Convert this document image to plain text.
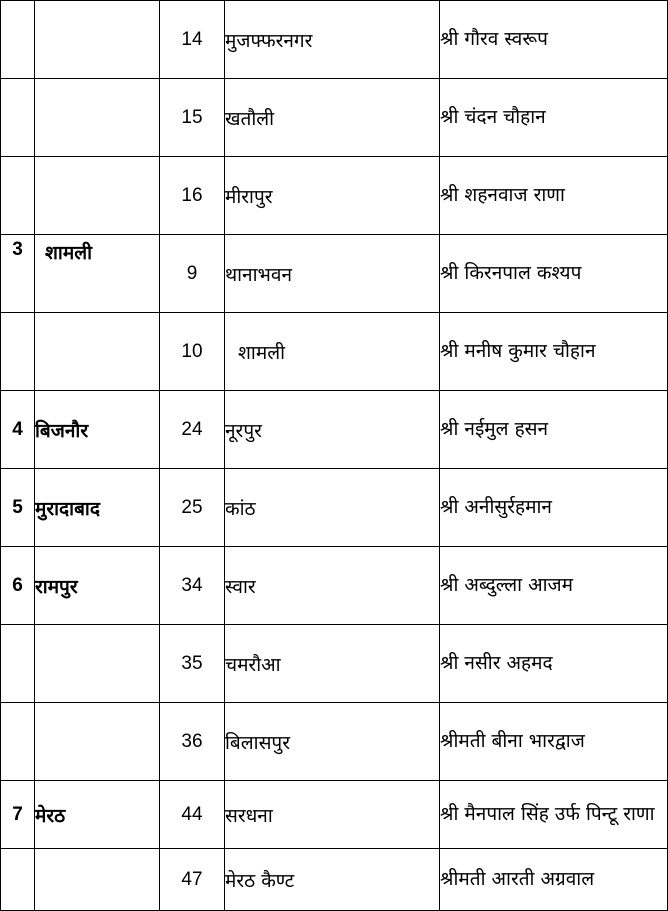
		14	मुजफ्फरनगर	श्री गौरव स्वरूप
		15	खतौली	श्री चंदन चौहान
		16	मीरापुर	श्री शहनवाज राणा
3	शामली	9	थानाभवन	श्री किरनपाल कश्यप
		10	शामली	श्री मनीष कुमार चौहान
4	बिजनौर	24	नूरपुर	श्री नईमुल हसन
5	मुरादाबाद	25	कांठ	श्री अनीसुर्रहमान
6	रामपुर	34	स्वार	श्री अब्दुल्ला आजम
		35	चमरौआ	श्री नसीर अहमद
		36	बिलासपुर	श्रीमती बीना भारद्वाज
7	मेरठ	44	सरधना	श्री मैनपाल सिंह उर्फ पिन्टू राणा
		47	मेरठ कैण्ट	श्रीमती आरती अग्रवाल
